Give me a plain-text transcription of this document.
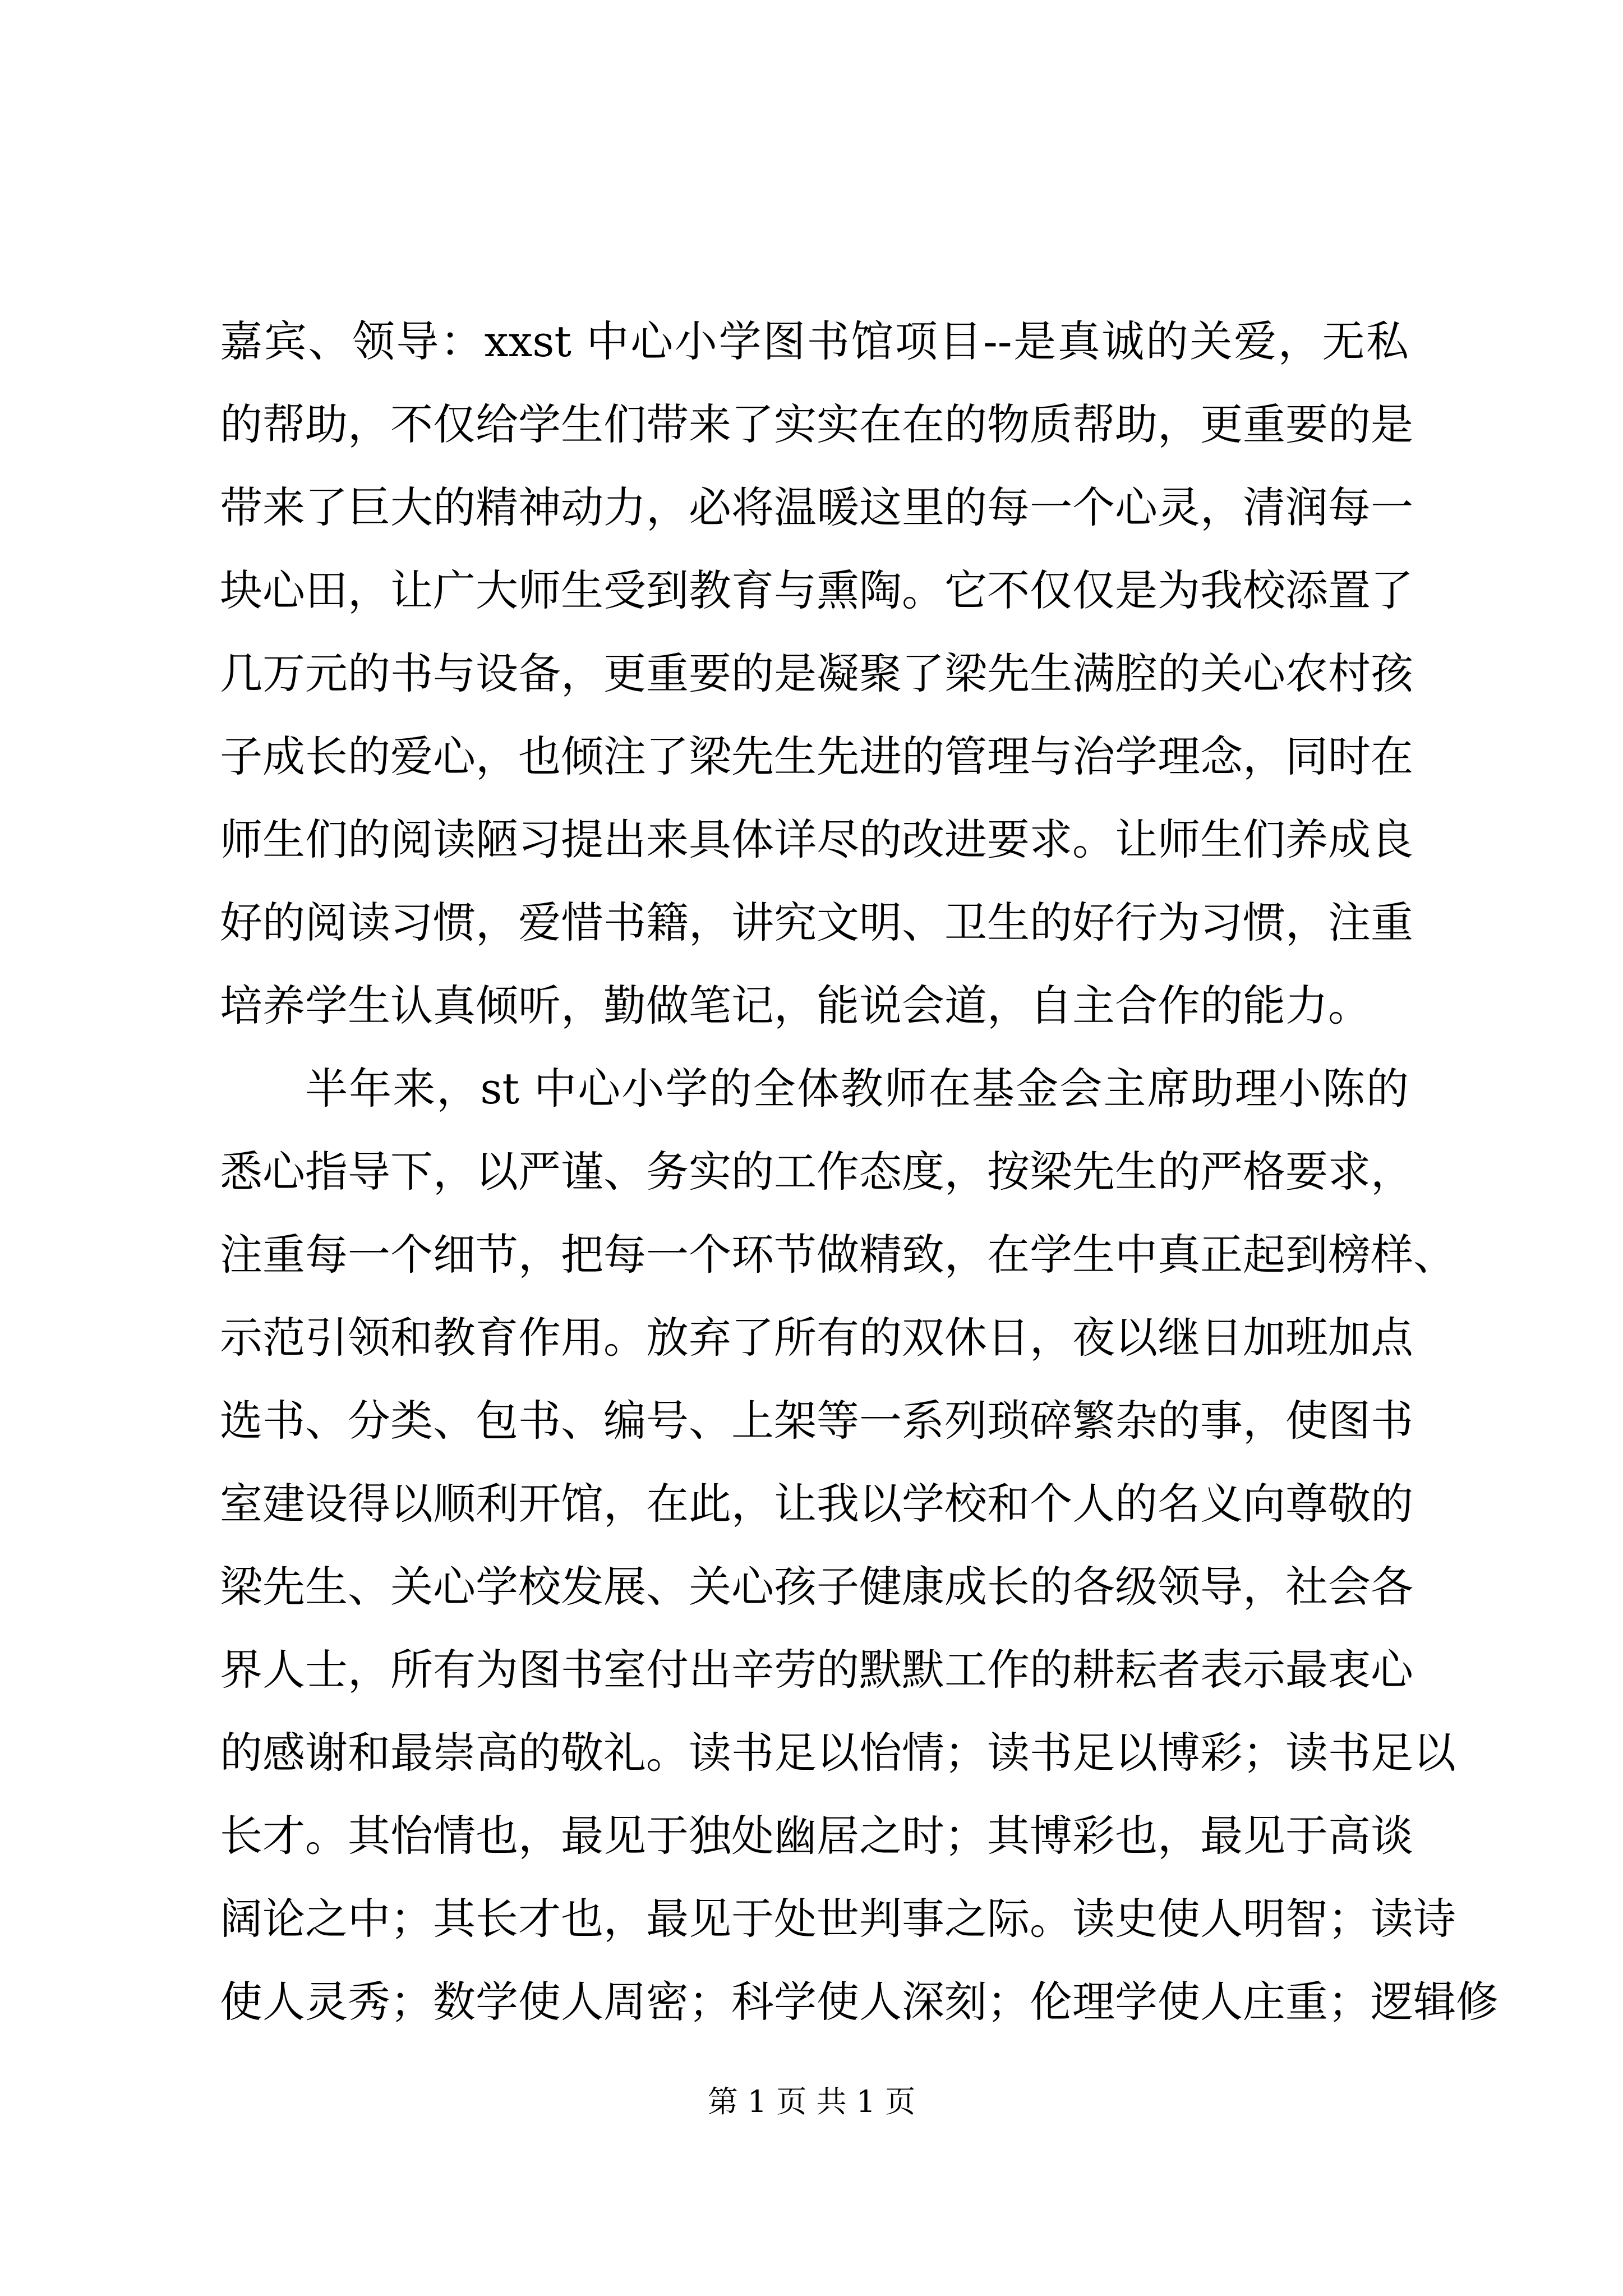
嘉宾、领导：xxst 中心小学图书馆项目--是真诚的关爱，无私
的帮助，不仅给学生们带来了实实在在的物质帮助，更重要的是
带来了巨大的精神动力，必将温暖这里的每一个心灵，清润每一
块心田，让广大师生受到教育与熏陶。它不仅仅是为我校添置了
几万元的书与设备，更重要的是凝聚了梁先生满腔的关心农村孩
子成长的爱心，也倾注了梁先生先进的管理与治学理念，同时在
师生们的阅读陋习提出来具体详尽的改进要求。让师生们养成良
好的阅读习惯，爱惜书籍，讲究文明、卫生的好行为习惯，注重
培养学生认真倾听，勤做笔记，能说会道，自主合作的能力。
半年来，st 中心小学的全体教师在基金会主席助理小陈的
悉心指导下，以严谨、务实的工作态度，按梁先生的严格要求，
注重每一个细节，把每一个环节做精致，在学生中真正起到榜样、
示范引领和教育作用。放弃了所有的双休日，夜以继日加班加点
选书、分类、包书、编号、上架等一系列琐碎繁杂的事，使图书
室建设得以顺利开馆，在此，让我以学校和个人的名义向尊敬的
梁先生、关心学校发展、关心孩子健康成长的各级领导，社会各
界人士，所有为图书室付出辛劳的默默工作的耕耘者表示最衷心
的感谢和最崇高的敬礼。读书足以怡情；读书足以博彩；读书足以
长才。其怡情也，最见于独处幽居之时；其博彩也，最见于高谈
阔论之中；其长才也，最见于处世判事之际。读史使人明智；读诗
使人灵秀；数学使人周密；科学使人深刻；伦理学使人庄重；逻辑修
第 1 页 共 1 页
